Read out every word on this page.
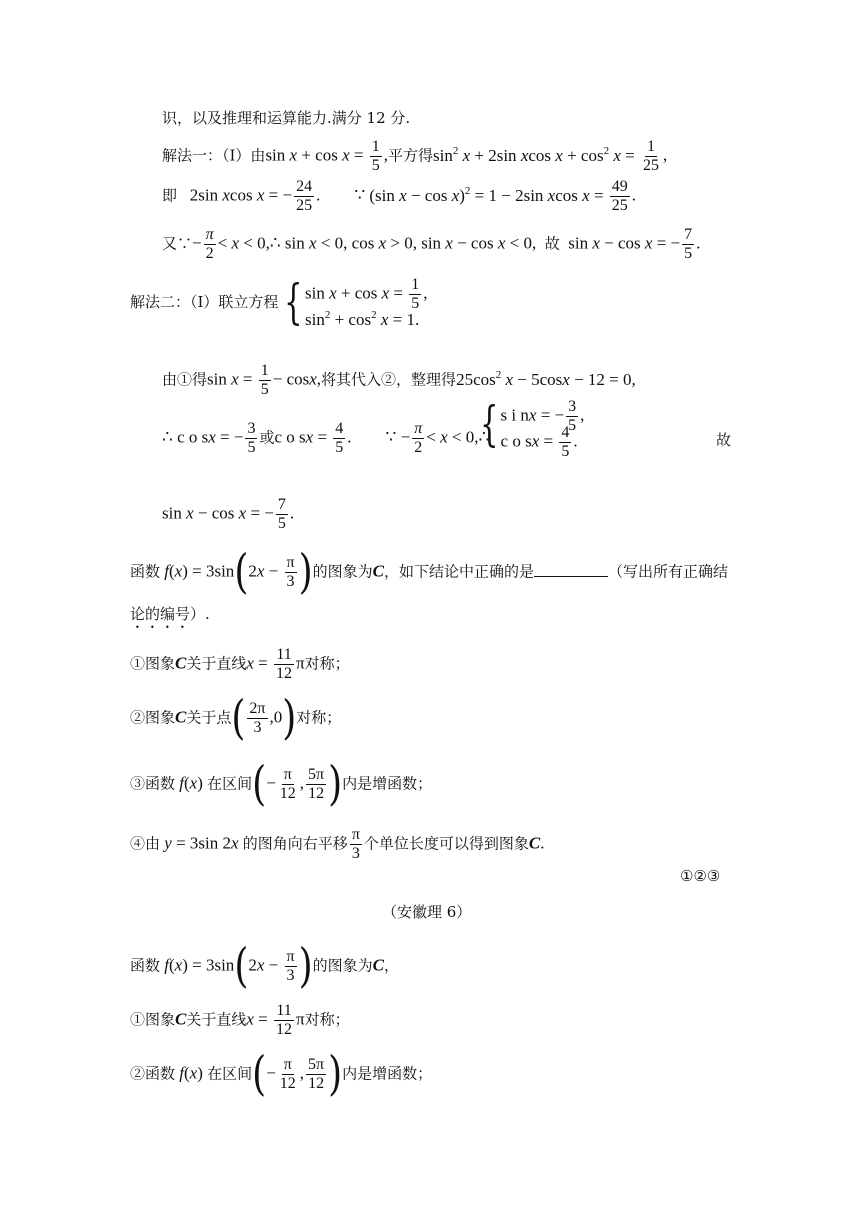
识，以及推理和运算能力.满分 12 分.
解法一：（Ⅰ）由$\sin x + \cos x = \frac{1}{5}$ ,平方得$\sin^2 x + 2\sin$ xcos $x + \cos^2 x = \frac{1}{25}$ ,
即   2sin xcos x = − $\frac{24}{25}$ .        ∵ (sin x − cos x)$^2$ = 1 − 2sin xcos $x = \frac{49}{25}$ .
又∵− $\frac{\pi}{2} < x$ < 0,∴ sin x < 0, cos x > 0, sin x − cos x < 0,  故  sin x − cos x = − $\frac{7}{5}$ .
解法二：（Ⅰ）联立方程 { $\sin x + \cos x = \frac{1}{5}$ ,
$\sin^2 + \cos^2 x = 1$.
由①得$\sin x = \frac{1}{5} - \cos x$,将其代入②，整理得$25\cos^2$ x − 5cosx − 12 = 0,
∴ c o sx = − $\frac{3}{5}$ 或c o sx = $\frac{4}{5}$ .        ∵ − $\frac{\pi}{2} < x$ < 0,∴
{ s i nx = − $\frac{3}{5}$ ,
c o sx = $\frac{4}{5}$ .	故
sin x − cos x = − $\frac{7}{5}$ .
函数 $f(x) = 3\sin(2x - \frac{\pi}{3}$ )的图象为C，如下结论中正确的是	（写出所有正确结
论的编号）.
①图象C关于直线$x = \frac{11}{12}$ π对称；
②图象C关于点( $\frac{2\pi}{3} ,0$)对称；
③函数 f(x) 在区间(− $\frac{\pi}{12}$ , $\frac{5\pi}{12}$ )内是增函数；
④由 y = 3sin 2x 的图角向右平移 $\frac{\pi}{3}$ 个单位长度可以得到图象C.
①②③
（安徽理 6）
函数 $f(x) = 3\sin(2x - \frac{\pi}{3}$ )的图象为C，
①图象C关于直线$x = \frac{11}{12}$ π对称；
②函数 f(x) 在区间(− $\frac{\pi}{12}$ , $\frac{5\pi}{12}$ )内是增函数；
